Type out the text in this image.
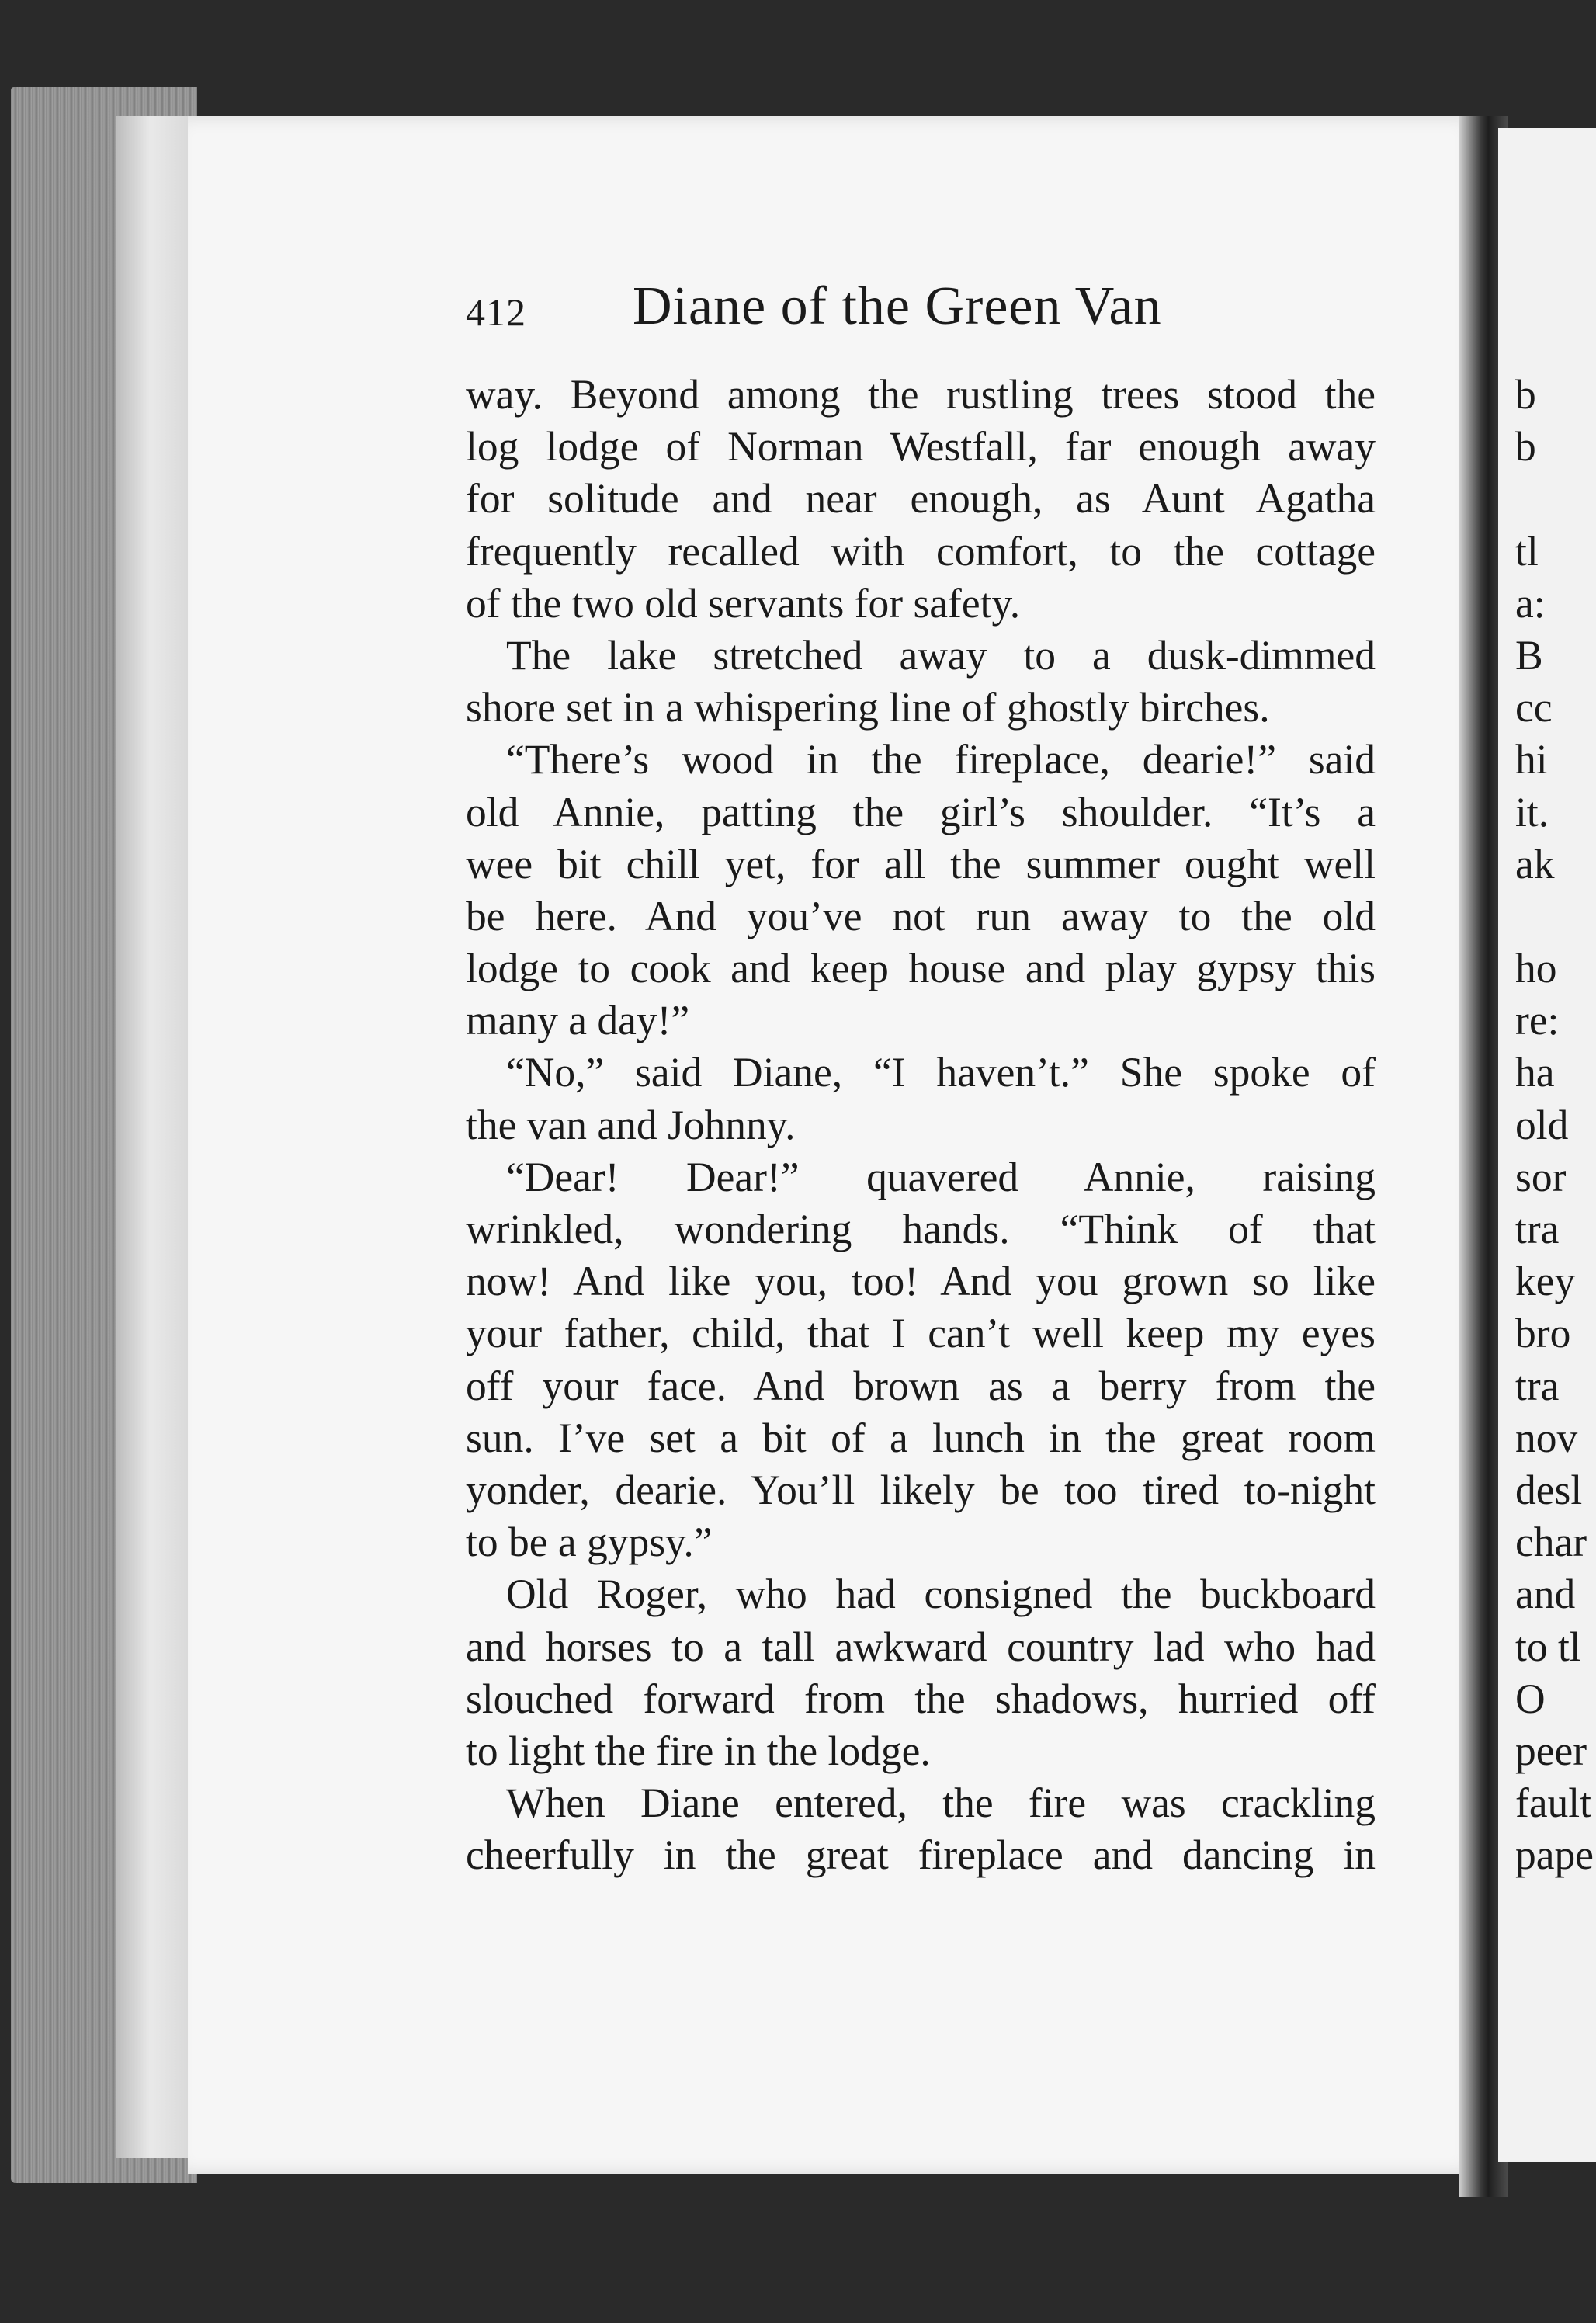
412 Diane of the Green Van
way. Beyond among the rustling trees stood the
log lodge of Norman Westfall, far enough away
for solitude and near enough, as Aunt Agatha
frequently recalled with comfort, to the cottage
of the two old servants for safety.
The lake stretched away to a dusk-dimmed
shore set in a whispering line of ghostly birches.
“There’s wood in the fireplace, dearie!” said
old Annie, patting the girl’s shoulder. “It’s a
wee bit chill yet, for all the summer ought well
be here. And you’ve not run away to the old
lodge to cook and keep house and play gypsy this
many a day!”
“No,” said Diane, “I haven’t.” She spoke of
the van and Johnny.
“Dear! Dear!” quavered Annie, raising
wrinkled, wondering hands. “Think of that
now! And like you, too! And you grown so like
your father, child, that I can’t well keep my eyes
off your face. And brown as a berry from the
sun. I’ve set a bit of a lunch in the great room
yonder, dearie. You’ll likely be too tired to-night
to be a gypsy.”
Old Roger, who had consigned the buckboard
and horses to a tall awkward country lad who had
slouched forward from the shadows, hurried off
to light the fire in the lodge.
When Diane entered, the fire was crackling
cheerfully in the great fireplace and dancing in
b
b
tl
a:
B
cc
hi
it.
ak
ho
re:
ha
old
sor
tra
key
bro
tra
nov
desl
char
and
to tl
O
peer
fault
pape
